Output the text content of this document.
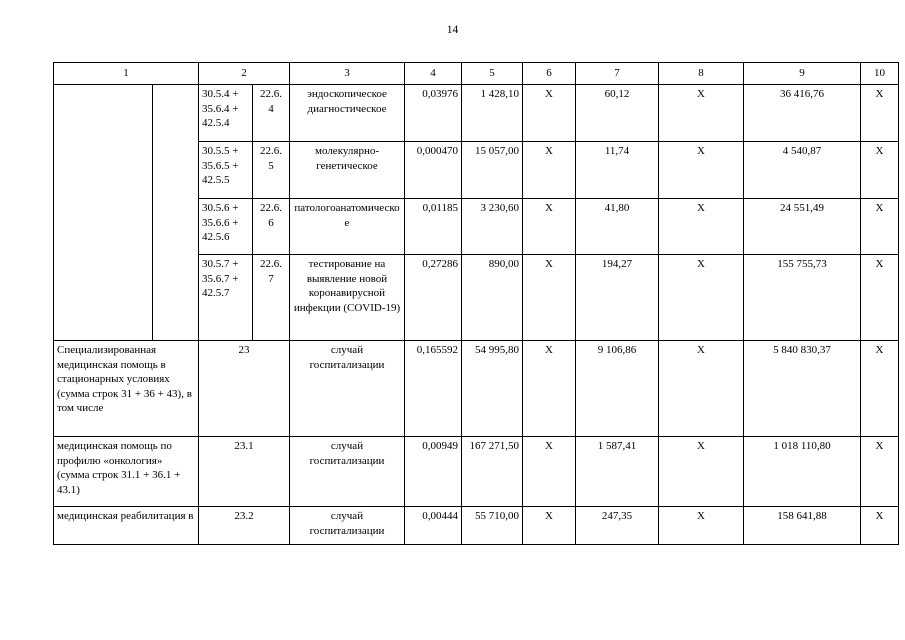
14
1		2		3	4	5	6	7	8	9	10
		30.5.4 + 35.6.4 + 42.5.4	22.6. 4	эндоскопическое диагностическое	0,03976	1 428,10	Х	60,12	Х	36 416,76	Х
		30.5.5 + 35.6.5 + 42.5.5	22.6. 5	молекулярно-генетическое	0,000470	15 057,00	Х	11,74	Х	4 540,87	Х
		30.5.6 + 35.6.6 + 42.5.6	22.6. 6	патологоанатомическое	0,01185	3 230,60	Х	41,80	Х	24 551,49	Х
		30.5.7 + 35.6.7 + 42.5.7	22.6. 7	тестирование на выявление новой коронавирусной инфекции (COVID-19)	0,27286	890,00	Х	194,27	Х	155 755,73	Х
Специализированная медицинская помощь в стационарных условиях (сумма строк 31 + 36 + 43), в том числе		23		случай госпитализации	0,165592	54 995,80	Х	9 106,86	Х	5 840 830,37	Х
медицинская помощь по профилю «онкология» (сумма строк 31.1 + 36.1 + 43.1)		23.1		случай госпитализации	0,00949	167 271,50	Х	1 587,41	Х	1 018 110,80	Х
медицинская реабилитация в		23.2		случай госпитализации	0,00444	55 710,00	Х	247,35	Х	158 641,88	Х
